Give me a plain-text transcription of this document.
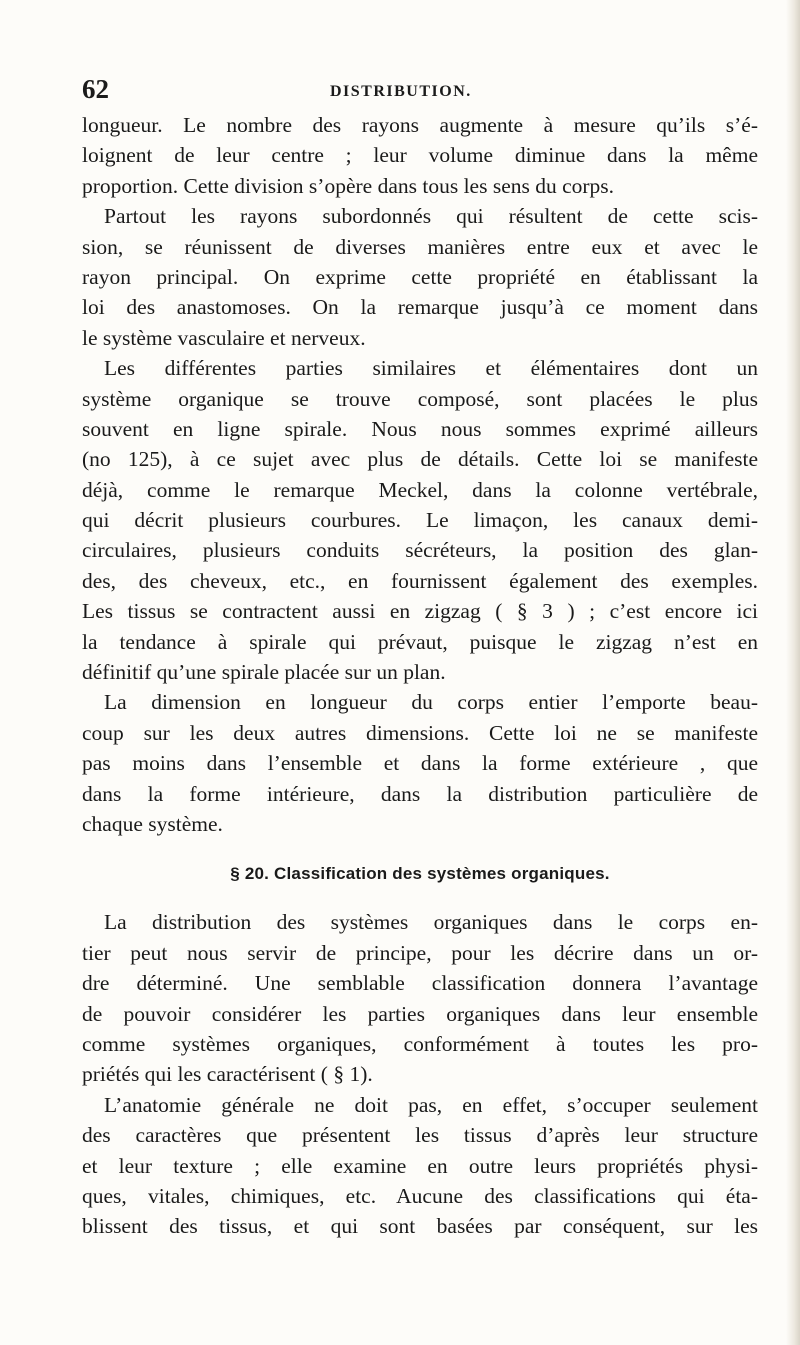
62	DISTRIBUTION.
longueur. Le nombre des rayons augmente à mesure qu’ils s’é-
loignent de leur centre ; leur volume diminue dans la même
proportion. Cette division s’opère dans tous les sens du corps.
Partout les rayons subordonnés qui résultent de cette scis-
sion, se réunissent de diverses manières entre eux et avec le
rayon principal. On exprime cette propriété en établissant la
loi des anastomoses. On la remarque jusqu’à ce moment dans
le système vasculaire et nerveux.
Les différentes parties similaires et élémentaires dont un
système organique se trouve composé, sont placées le plus
souvent en ligne spirale. Nous nous sommes exprimé ailleurs
(no 125), à ce sujet avec plus de détails. Cette loi se manifeste
déjà, comme le remarque Meckel, dans la colonne vertébrale,
qui décrit plusieurs courbures. Le limaçon, les canaux demi-
circulaires, plusieurs conduits sécréteurs, la position des glan-
des, des cheveux, etc., en fournissent également des exemples.
Les tissus se contractent aussi en zigzag ( § 3 ) ; c’est encore ici
la tendance à spirale qui prévaut, puisque le zigzag n’est en
définitif qu’une spirale placée sur un plan.
La dimension en longueur du corps entier l’emporte beau-
coup sur les deux autres dimensions. Cette loi ne se manifeste
pas moins dans l’ensemble et dans la forme extérieure , que
dans la forme intérieure, dans la distribution particulière de
chaque système.
§ 20. Classification des systèmes organiques.
La distribution des systèmes organiques dans le corps en-
tier peut nous servir de principe, pour les décrire dans un or-
dre déterminé. Une semblable classification donnera l’avantage
de pouvoir considérer les parties organiques dans leur ensemble
comme systèmes organiques, conformément à toutes les pro-
priétés qui les caractérisent ( § 1).
L’anatomie générale ne doit pas, en effet, s’occuper seulement
des caractères que présentent les tissus d’après leur structure
et leur texture ; elle examine en outre leurs propriétés physi-
ques, vitales, chimiques, etc. Aucune des classifications qui éta-
blissent des tissus, et qui sont basées par conséquent, sur les
